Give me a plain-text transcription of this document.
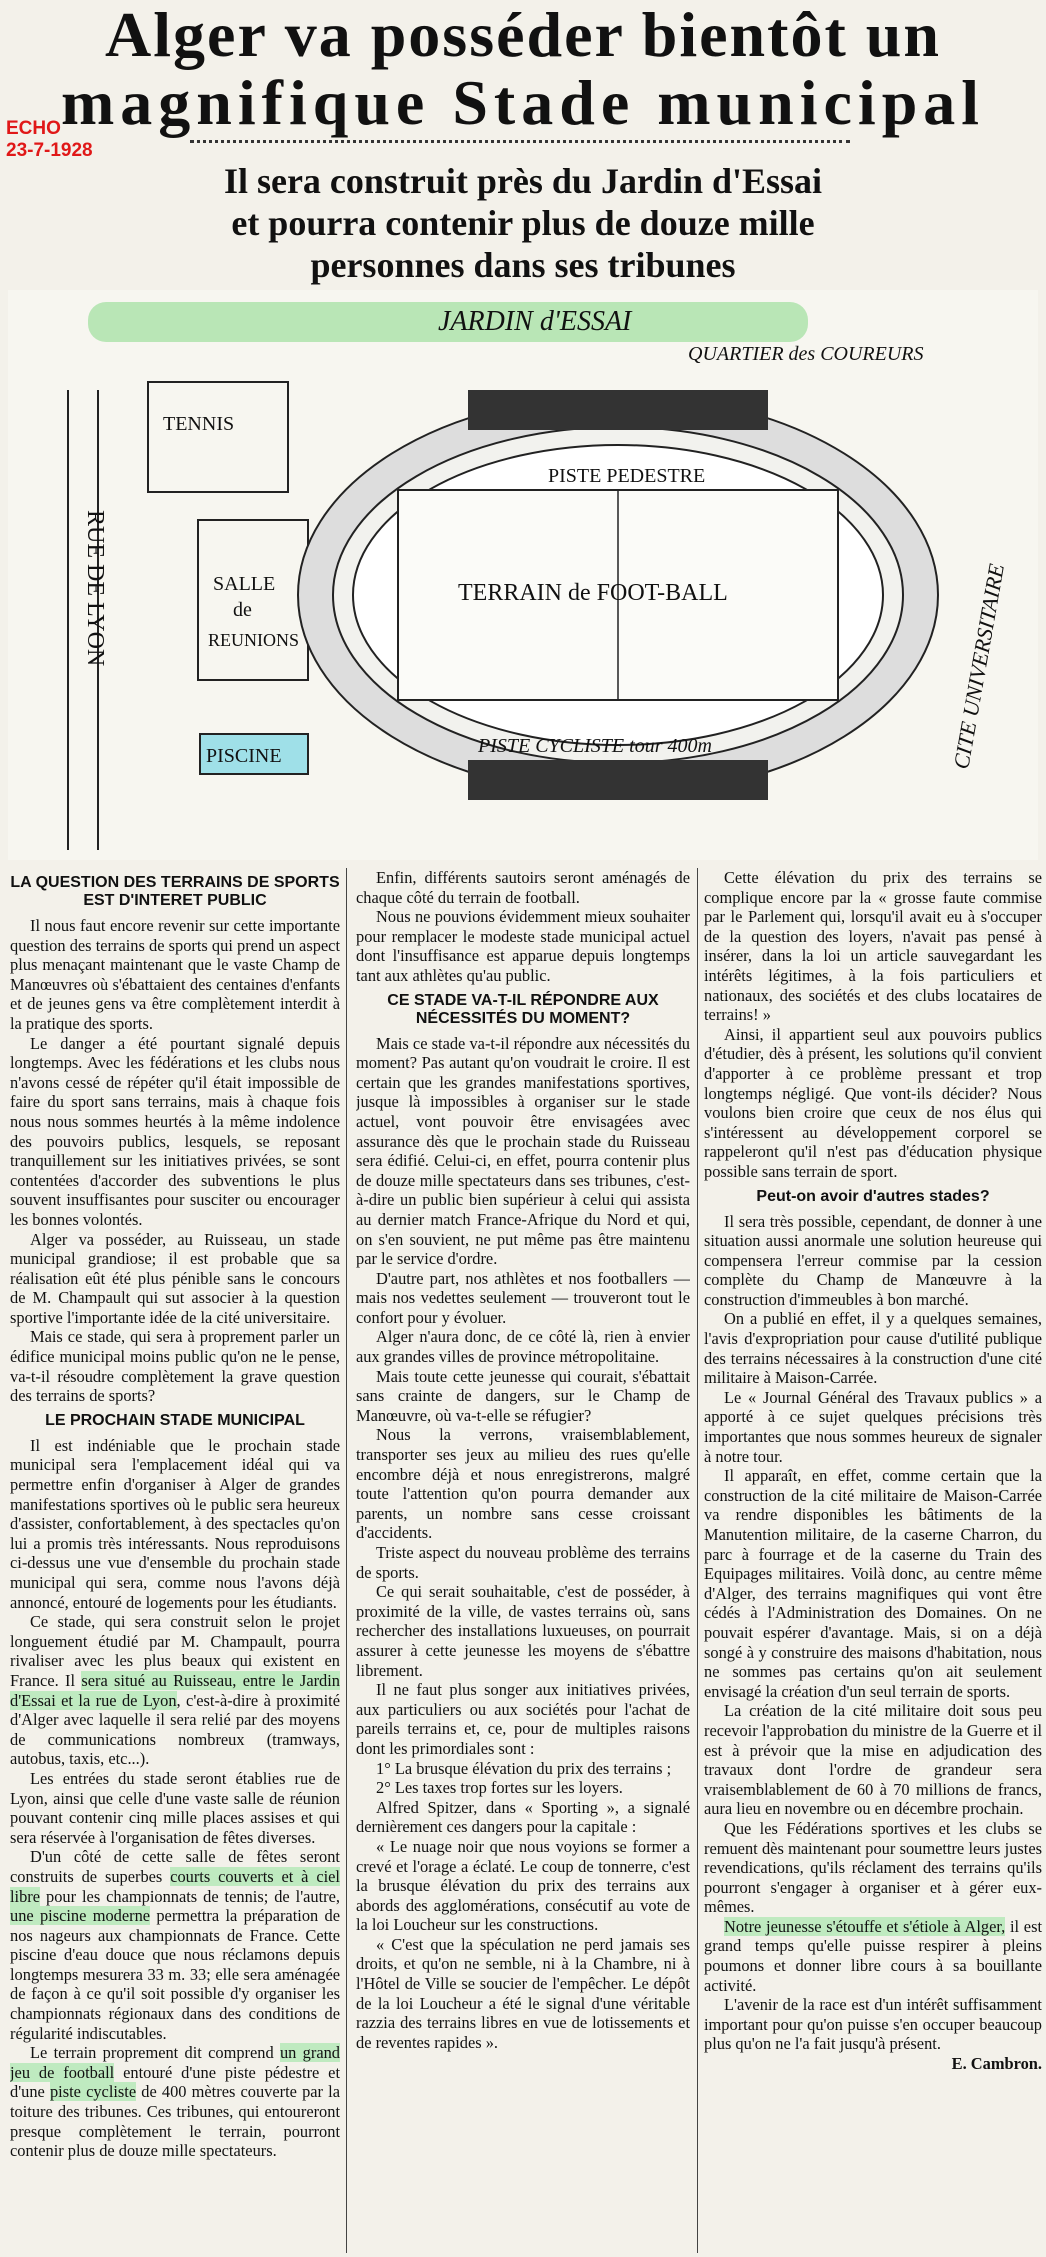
Alger va posséder bientôt un
magnifique Stade municipal
ECHO
23-7-1928
Il sera construit près du Jardin d'Essai
et pourra contenir plus de douze mille
personnes dans ses tribunes
JARDIN d'ESSAI
QUARTIER des COUREURS
RUE DE LYON
TENNIS
SALLE
de
REUNIONS
PISCINE
PISTE PEDESTRE
TERRAIN de FOOT-BALL
PISTE CYCLISTE tour 400m	CITE UNIVERSITAIRE
LA QUESTION DES TERRAINS DE SPORTS EST D'INTERET PUBLIC

Il nous faut encore revenir sur cette importante question des terrains de sports qui prend un aspect plus menaçant maintenant que le vaste Champ de Manœuvres où s'ébattaient des centaines d'enfants et de jeunes gens va être complètement interdit à la pratique des sports.

Le danger a été pourtant signalé depuis longtemps. Avec les fédérations et les clubs nous n'avons cessé de répéter qu'il était impossible de faire du sport sans terrains, mais à chaque fois nous nous sommes heurtés à la même indolence des pouvoirs publics, lesquels, se reposant tranquillement sur les initiatives privées, se sont contentées d'accorder des subventions le plus souvent insuffisantes pour susciter ou encourager les bonnes volontés.

Alger va posséder, au Ruisseau, un stade municipal grandiose; il est probable que sa réalisation eût été plus pénible sans le concours de M. Champault qui sut associer à la question sportive l'importante idée de la cité universitaire.

Mais ce stade, qui sera à proprement parler un édifice municipal moins public qu'on ne le pense, va-t-il résoudre complètement la grave question des terrains de sports?

LE PROCHAIN STADE MUNICIPAL

Il est indéniable que le prochain stade municipal sera l'emplacement idéal qui va permettre enfin d'organiser à Alger de grandes manifestations sportives où le public sera heureux d'assister, confortablement, à des spectacles qu'on lui a promis très intéressants. Nous reproduisons ci-dessus une vue d'ensemble du prochain stade municipal qui sera, comme nous l'avons déjà annoncé, entouré de logements pour les étudiants.

Ce stade, qui sera construit selon le projet longuement étudié par M. Champault, pourra rivaliser avec les plus beaux qui existent en France. Il sera situé au Ruisseau, entre le Jardin d'Essai et la rue de Lyon, c'est-à-dire à proximité d'Alger avec laquelle il sera relié par des moyens de communications nombreux (tramways, autobus, taxis, etc...).

Les entrées du stade seront établies rue de Lyon, ainsi que celle d'une vaste salle de réunion pouvant contenir cinq mille places assises et qui sera réservée à l'organisation de fêtes diverses.

D'un côté de cette salle de fêtes seront construits de superbes courts couverts et à ciel libre pour les championnats de tennis; de l'autre, une piscine moderne permettra la préparation de nos nageurs aux championnats de France. Cette piscine d'eau douce que nous réclamons depuis longtemps mesurera 33 m. 33; elle sera aménagée de façon à ce qu'il soit possible d'y organiser les championnats régionaux dans des conditions de régularité indiscutables.

Le terrain proprement dit comprend un grand jeu de football entouré d'une piste pédestre et d'une piste cycliste de 400 mètres couverte par la toiture des tribunes. Ces tribunes, qui entoureront presque complètement le terrain, pourront contenir plus de douze mille spectateurs.

Enfin, différents sautoirs seront aménagés de chaque côté du terrain de football.

Nous ne pouvions évidemment mieux souhaiter pour remplacer le modeste stade municipal actuel dont l'insuffisance est apparue depuis longtemps tant aux athlètes qu'au public.

CE STADE VA-T-IL RÉPONDRE AUX NÉCESSITÉS DU MOMENT?

Mais ce stade va-t-il répondre aux nécessités du moment? Pas autant qu'on voudrait le croire. Il est certain que les grandes manifestations sportives, jusque là impossibles à organiser sur le stade actuel, vont pouvoir être envisagées avec assurance dès que le prochain stade du Ruisseau sera édifié. Celui-ci, en effet, pourra contenir plus de douze mille spectateurs dans ses tribunes, c'est-à-dire un public bien supérieur à celui qui assista au dernier match France-Afrique du Nord et qui, on s'en souvient, ne put même pas être maintenu par le service d'ordre.

D'autre part, nos athlètes et nos footballers — mais nos vedettes seulement — trouveront tout le confort pour y évoluer.

Alger n'aura donc, de ce côté là, rien à envier aux grandes villes de province métropolitaine.

Mais toute cette jeunesse qui courait, s'ébattait sans crainte de dangers, sur le Champ de Manœuvre, où va-t-elle se réfugier?

Nous la verrons, vraisemblablement, transporter ses jeux au milieu des rues qu'elle encombre déjà et nous enregistrerons, malgré toute l'attention qu'on pourra demander aux parents, un nombre sans cesse croissant d'accidents.

Triste aspect du nouveau problème des terrains de sports.

Ce qui serait souhaitable, c'est de posséder, à proximité de la ville, de vastes terrains où, sans rechercher des installations luxueuses, on pourrait assurer à cette jeunesse les moyens de s'ébattre librement.

Il ne faut plus songer aux initiatives privées, aux particuliers ou aux sociétés pour l'achat de pareils terrains et, ce, pour de multiples raisons dont les primordiales sont :

1° La brusque élévation du prix des terrains ;

2° Les taxes trop fortes sur les loyers.

Alfred Spitzer, dans « Sporting », a signalé dernièrement ces dangers pour la capitale :

« Le nuage noir que nous voyions se former a crevé et l'orage a éclaté. Le coup de tonnerre, c'est la brusque élévation du prix des terrains aux abords des agglomérations, consécutif au vote de la loi Loucheur sur les constructions.

« C'est que la spéculation ne perd jamais ses droits, et qu'on ne semble, ni à la Chambre, ni à l'Hôtel de Ville se soucier de l'empêcher. Le dépôt de la loi Loucheur a été le signal d'une véritable razzia des terrains libres en vue de lotissements et de reventes rapides ».

Cette élévation du prix des terrains se complique encore par la « grosse faute commise par le Parlement qui, lorsqu'il avait eu à s'occuper de la question des loyers, n'avait pas pensé à insérer, dans la loi un article sauvegardant les intérêts légitimes, à la fois particuliers et nationaux, des sociétés et des clubs locataires de terrains! »

Ainsi, il appartient seul aux pouvoirs publics d'étudier, dès à présent, les solutions qu'il convient d'apporter à ce problème pressant et trop longtemps négligé. Que vont-ils décider? Nous voulons bien croire que ceux de nos élus qui s'intéressent au développement corporel se rappeleront qu'il n'est pas d'éducation physique possible sans terrain de sport.

Peut-on avoir d'autres stades?

Il sera très possible, cependant, de donner à une situation aussi anormale une solution heureuse qui compensera l'erreur commise par la cession complète du Champ de Manœuvre à la construction d'immeubles à bon marché.

On a publié en effet, il y a quelques semaines, l'avis d'expropriation pour cause d'utilité publique des terrains nécessaires à la construction d'une cité militaire à Maison-Carrée.

Le « Journal Général des Travaux publics » a apporté à ce sujet quelques précisions très importantes que nous sommes heureux de signaler à notre tour.

Il apparaît, en effet, comme certain que la construction de la cité militaire de Maison-Carrée va rendre disponibles les bâtiments de la Manutention militaire, de la caserne Charron, du parc à fourrage et de la caserne du Train des Equipages militaires. Voilà donc, au centre même d'Alger, des terrains magnifiques qui vont être cédés à l'Administration des Domaines. On ne pouvait espérer d'avantage. Mais, si on a déjà songé à y construire des maisons d'habitation, nous ne sommes pas certains qu'on ait seulement envisagé la création d'un seul terrain de sports.

La création de la cité militaire doit sous peu recevoir l'approbation du ministre de la Guerre et il est à prévoir que la mise en adjudication des travaux dont l'ordre de grandeur sera vraisemblablement de 60 à 70 millions de francs, aura lieu en novembre ou en décembre prochain.

Que les Fédérations sportives et les clubs se remuent dès maintenant pour soumettre leurs justes revendications, qu'ils réclament des terrains qu'ils pourront s'engager à organiser et à gérer eux-mêmes.

Notre jeunesse s'étouffe et s'étiole à Alger, il est grand temps qu'elle puisse respirer à pleins poumons et donner libre cours à sa bouillante activité.

L'avenir de la race est d'un intérêt suffisamment important pour qu'on puisse s'en occuper beaucoup plus qu'on ne l'a fait jusqu'à présent.

E. Cambron.
